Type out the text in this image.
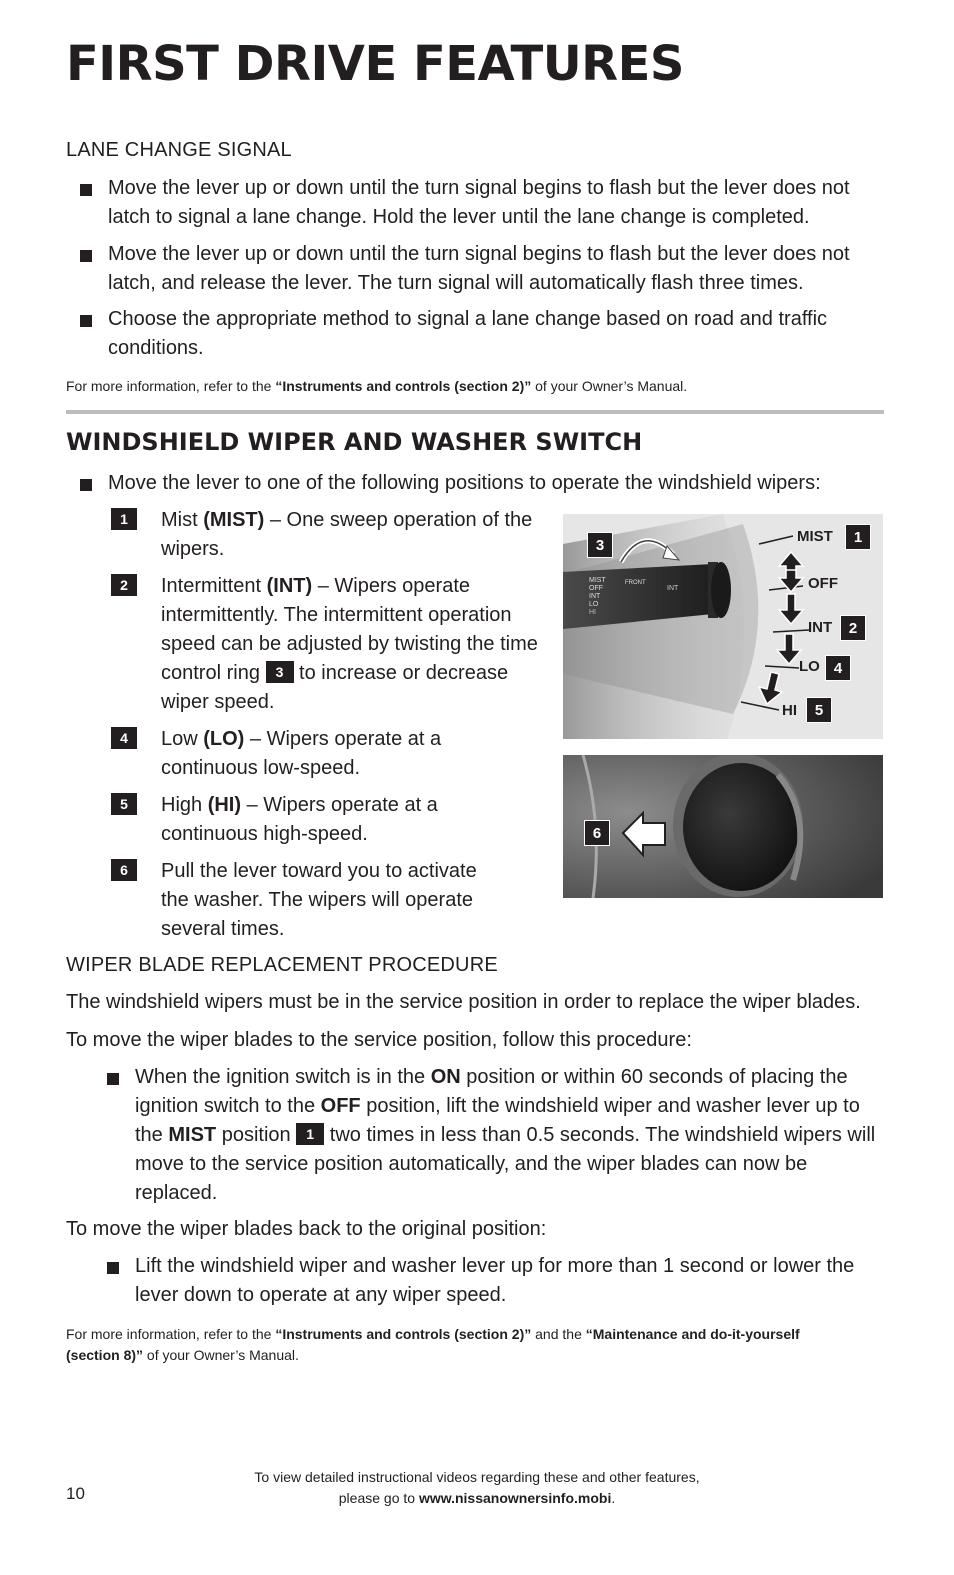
FIRST DRIVE FEATURES
LANE CHANGE SIGNAL
Move the lever up or down until the turn signal begins to flash but the lever does not latch to signal a lane change. Hold the lever until the lane change is completed.
Move the lever up or down until the turn signal begins to flash but the lever does not latch, and release the lever. The turn signal will automatically flash three times.
Choose the appropriate method to signal a lane change based on road and traffic conditions.
For more information, refer to the “Instruments and controls (section 2)” of your Owner’s Manual.
WINDSHIELD WIPER AND WASHER SWITCH
Move the lever to one of the following positions to operate the windshield wipers:
1	Mist (MIST) – One sweep operation of the wipers.
2	Intermittent (INT) – Wipers operate intermittently. The intermittent operation speed can be adjusted by twisting the time control ring 3 to increase or decrease wiper speed.
4	Low (LO) – Wipers operate at a continuous low-speed.
5	High (HI) – Wipers operate at a continuous high-speed.
6	Pull the lever toward you to activate the washer. The wipers will operate several times.
MIST
OFF
INT
LO
HI
FRONT
INT
3
MIST	1
OFF
INT	2
LO 4
HI	5
6
WIPER BLADE REPLACEMENT PROCEDURE
The windshield wipers must be in the service position in order to replace the wiper blades.
To move the wiper blades to the service position, follow this procedure:
When the ignition switch is in the ON position or within 60 seconds of placing the ignition switch to the OFF position, lift the windshield wiper and washer lever up to the MIST position 1 two times in less than 0.5 seconds. The windshield wipers will move to the service position automatically, and the wiper blades can now be replaced.
To move the wiper blades back to the original position:
Lift the windshield wiper and washer lever up for more than 1 second or lower the lever down to operate at any wiper speed.
For more information, refer to the “Instruments and controls (section 2)” and the “Maintenance and do-it-yourself (section 8)” of your Owner’s Manual.
10
To view detailed instructional videos regarding these and other features,
please go to www.nissanownersinfo.mobi.
